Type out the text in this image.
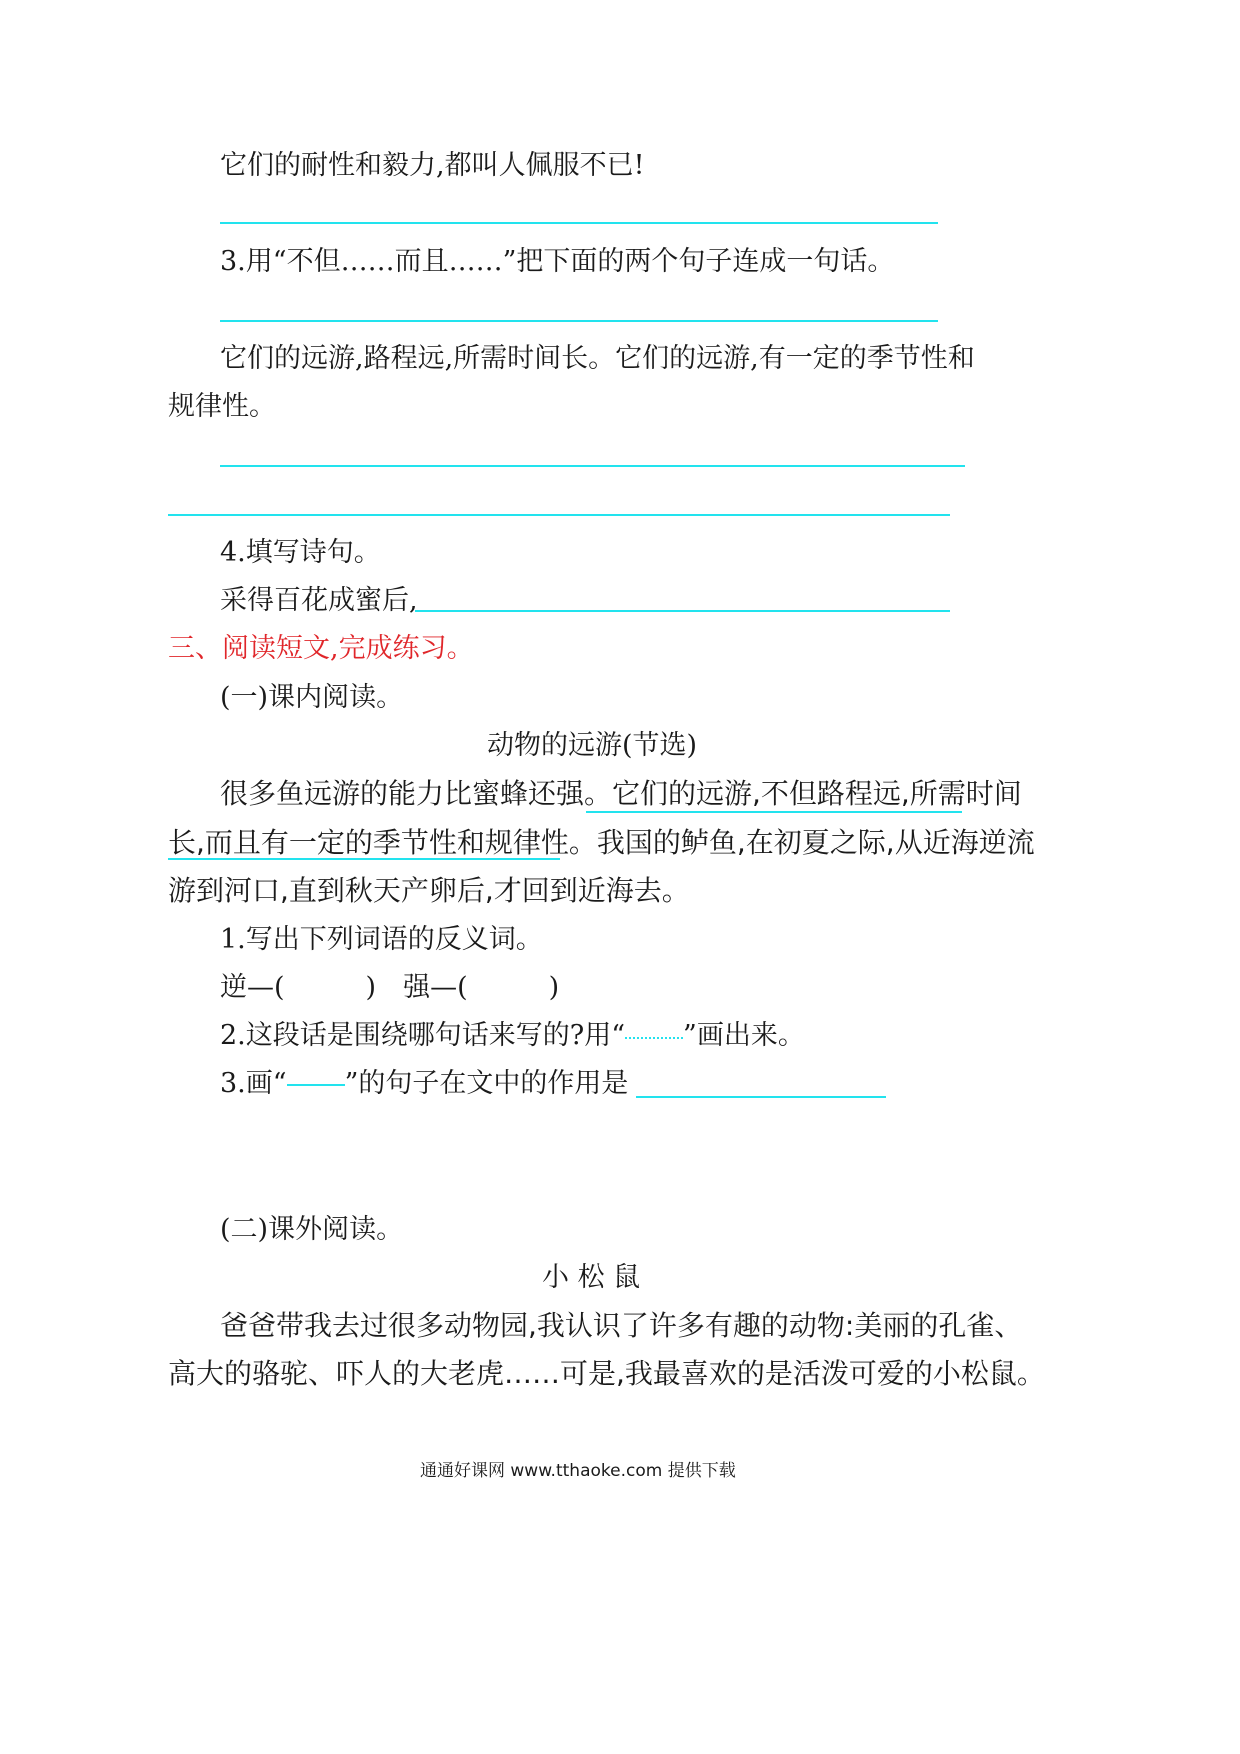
它们的耐性和毅力,都叫人佩服不已!
3.用“不但……而且……”把下面的两个句子连成一句话。
它们的远游,路程远,所需时间长。它们的远游,有一定的季节性和
规律性。
4.填写诗句。
采得百花成蜜后,
三、阅读短文,完成练习。
(一)课内阅读。
动物的远游(节选)
很多鱼远游的能力比蜜蜂还强。它们的远游,不但路程远,所需时间
长,而且有一定的季节性和规律性。我国的鲈鱼,在初夏之际,从近海逆流
游到河口,直到秋天产卵后,才回到近海去。
1.写出下列词语的反义词。
逆—(　　　)　强—(　　　)
2.这段话是围绕哪句话来写的?用“ ”画出来。
3.画“ ”的句子在文中的作用是
(二)课外阅读。
小 松 鼠
爸爸带我去过很多动物园,我认识了许多有趣的动物:美丽的孔雀、
高大的骆驼、吓人的大老虎……可是,我最喜欢的是活泼可爱的小松鼠。
通通好课网 www.tthaoke.com 提供下载
